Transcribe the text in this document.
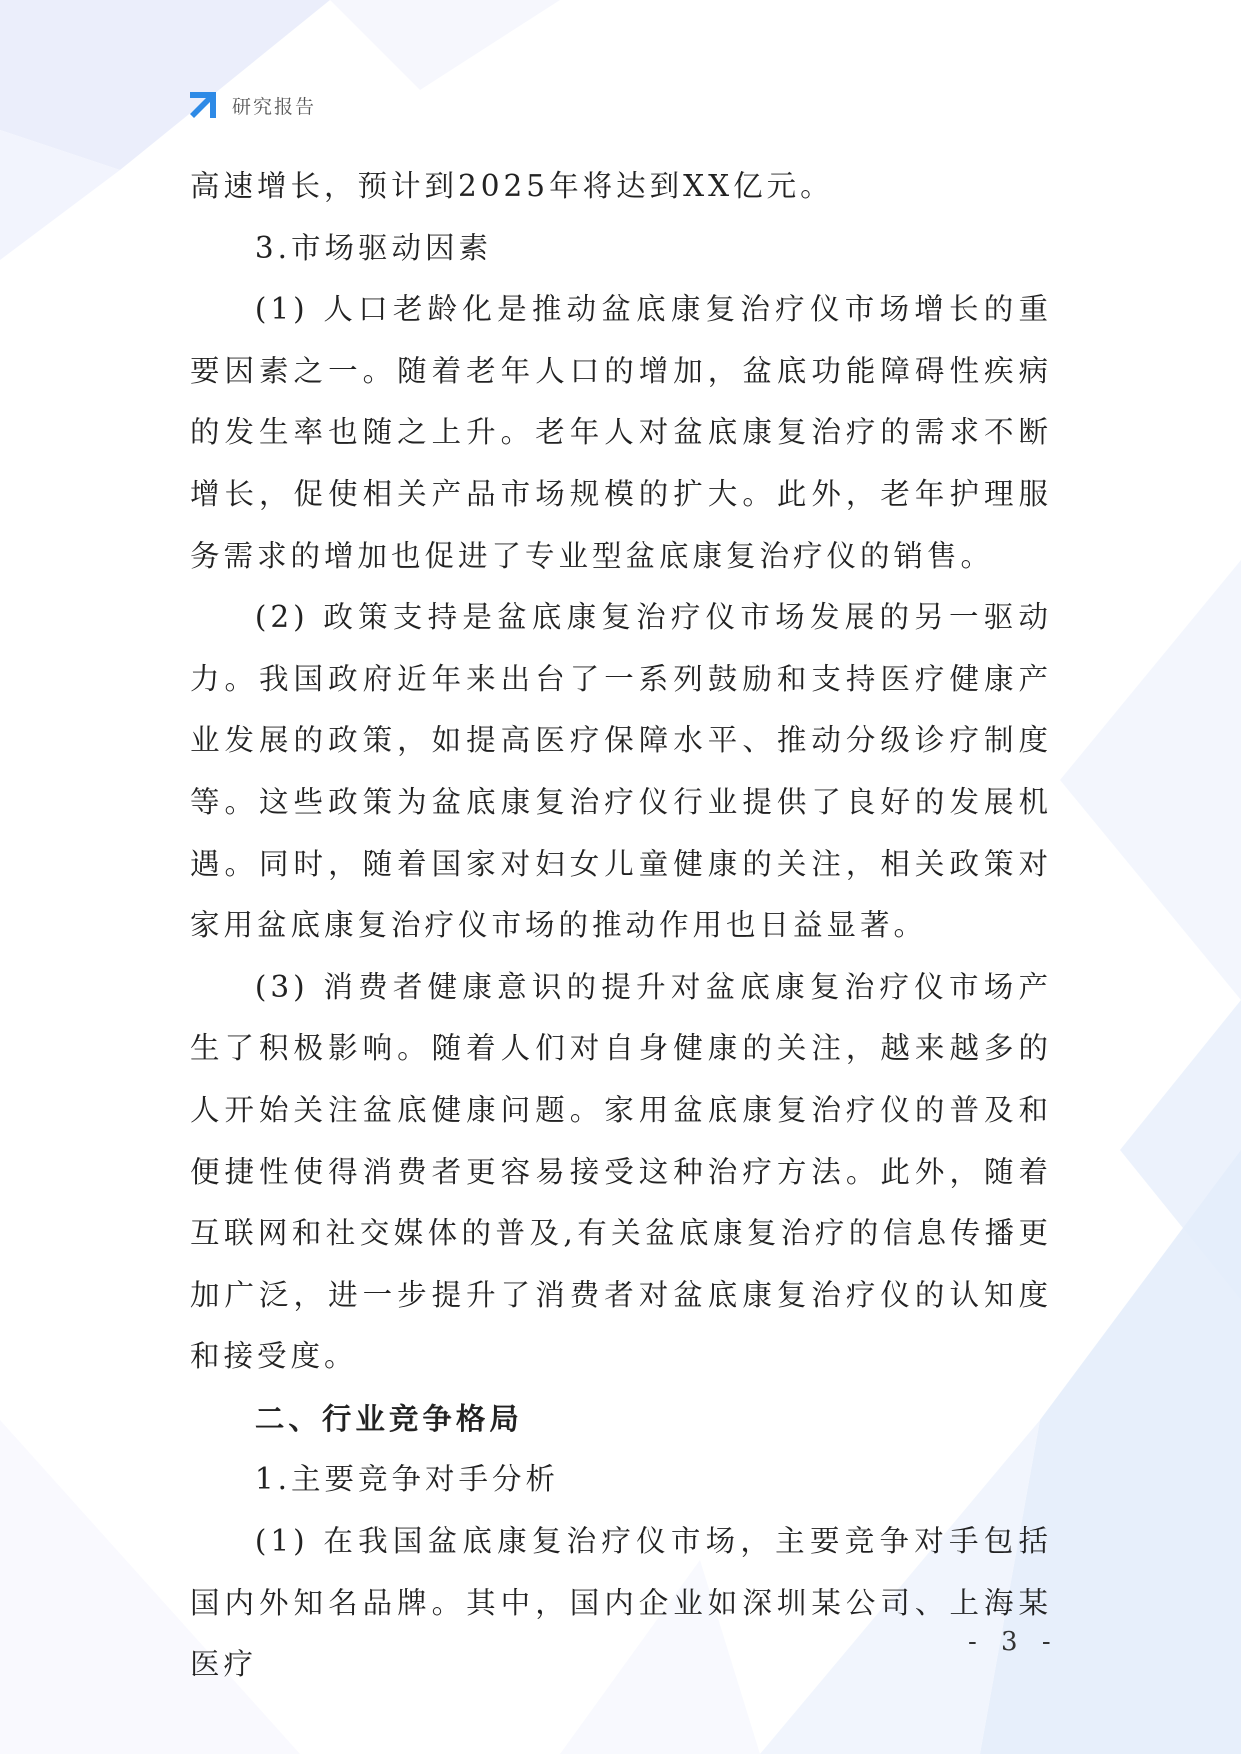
研究报告

高速增长，预计到2025年将达到XX亿元。

3.市场驱动因素

(1) 人口老龄化是推动盆底康复治疗仪市场增长的重要因素之一。随着老年人口的增加，盆底功能障碍性疾病的发生率也随之上升。老年人对盆底康复治疗的需求不断增长，促使相关产品市场规模的扩大。此外，老年护理服务需求的增加也促进了专业型盆底康复治疗仪的销售。

(2) 政策支持是盆底康复治疗仪市场发展的另一驱动力。我国政府近年来出台了一系列鼓励和支持医疗健康产业发展的政策，如提高医疗保障水平、推动分级诊疗制度等。这些政策为盆底康复治疗仪行业提供了良好的发展机遇。同时，随着国家对妇女儿童健康的关注，相关政策对家用盆底康复治疗仪市场的推动作用也日益显著。

(3) 消费者健康意识的提升对盆底康复治疗仪市场产生了积极影响。随着人们对自身健康的关注，越来越多的人开始关注盆底健康问题。家用盆底康复治疗仪的普及和便捷性使得消费者更容易接受这种治疗方法。此外，随着互联网和社交媒体的普及,有关盆底康复治疗的信息传播更加广泛，进一步提升了消费者对盆底康复治疗仪的认知度和接受度。

二、行业竞争格局

1.主要竞争对手分析

(1) 在我国盆底康复治疗仪市场，主要竞争对手包括国内外知名品牌。其中，国内企业如深圳某公司、上海某医疗

- 3 -
